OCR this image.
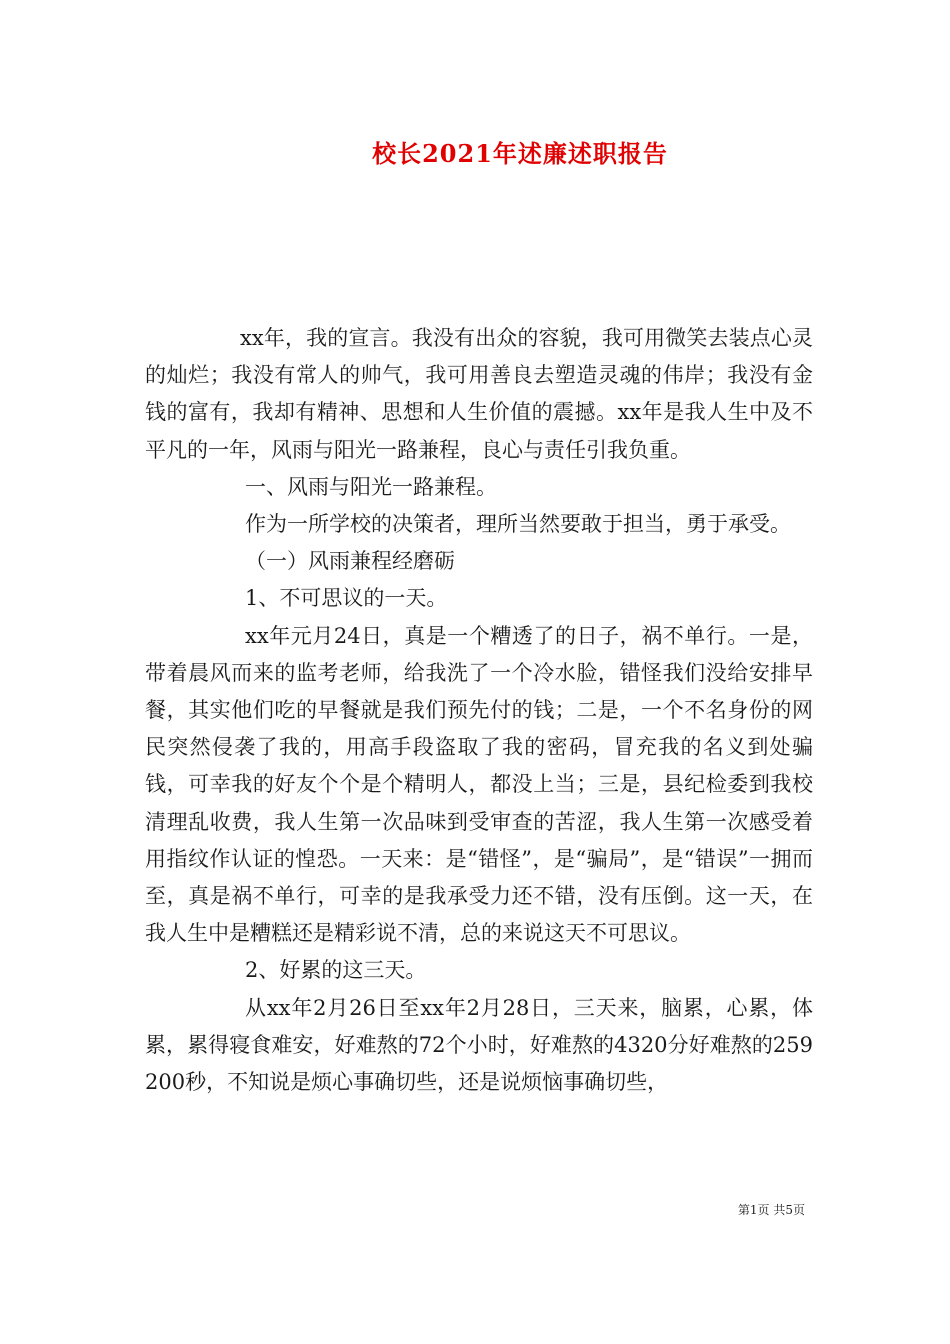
校长2021年述廉述职报告

xx年，我的宣言。我没有出众的容貌，我可用微笑去装点心灵的灿烂；我没有常人的帅气，我可用善良去塑造灵魂的伟岸；我没有金钱的富有，我却有精神、思想和人生价值的震撼。xx年是我人生中及不平凡的一年，风雨与阳光一路兼程，良心与责任引我负重。

一、风雨与阳光一路兼程。

作为一所学校的决策者，理所当然要敢于担当，勇于承受。

（一）风雨兼程经磨砺

1、不可思议的一天。

xx年元月24日，真是一个糟透了的日子，祸不单行。一是，带着晨风而来的监考老师，给我洗了一个冷水脸，错怪我们没给安排早餐，其实他们吃的早餐就是我们预先付的钱；二是，一个不名身份的网民突然侵袭了我的，用高手段盗取了我的密码，冒充我的名义到处骗钱，可幸我的好友个个是个精明人，都没上当；三是，县纪检委到我校清理乱收费，我人生第一次品味到受审查的苦涩，我人生第一次感受着用指纹作认证的惶恐。一天来：是“错怪”，是“骗局”，是“错误”一拥而至，真是祸不单行，可幸的是我承受力还不错，没有压倒。这一天，在我人生中是糟糕还是精彩说不清，总的来说这天不可思议。

2、好累的这三天。

从xx年2月26日至xx年2月28日，三天来，脑累，心累，体累，累得寝食难安，好难熬的72个小时，好难熬的4320分好难熬的259200秒，不知说是烦心事确切些，还是说烦恼事确切些，

第1页 共5页
